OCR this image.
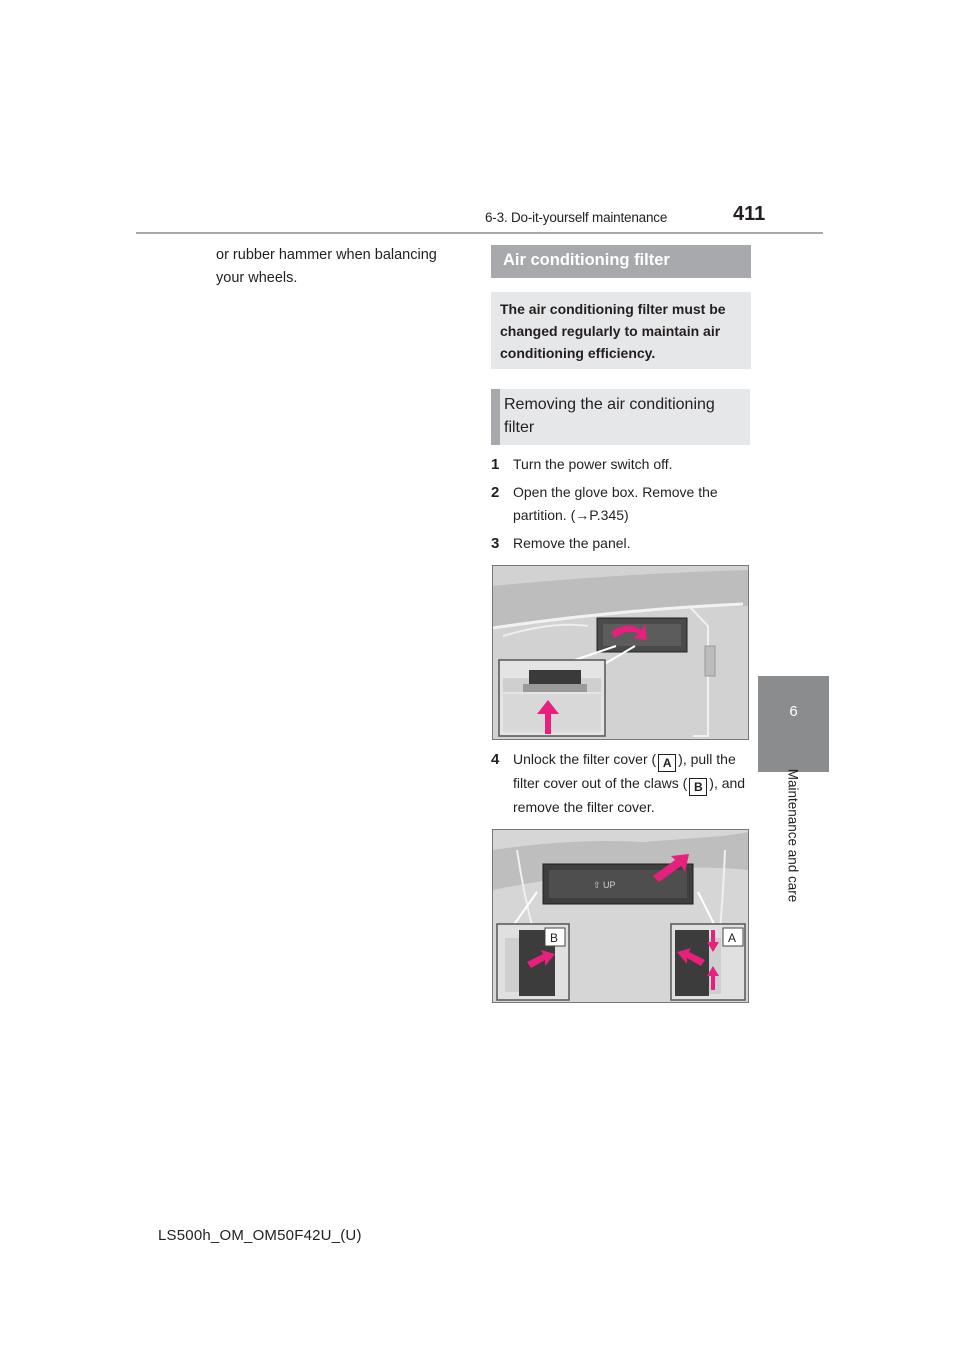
6-3. Do-it-yourself maintenance	411
6
Maintenance and care
or rubber hammer when balancing your wheels.
Air conditioning filter
The air conditioning filter must be changed regularly to maintain air conditioning efficiency.
Removing the air conditioning filter
1 Turn the power switch off.
2 Open the glove box. Remove the partition. (→P.345)
3 Remove the panel.
4 Unlock the filter cover ( A ), pull the filter cover out of the claws ( B ), and remove the filter cover.
⇧ UP
B	A
LS500h_OM_OM50F42U_(U)
